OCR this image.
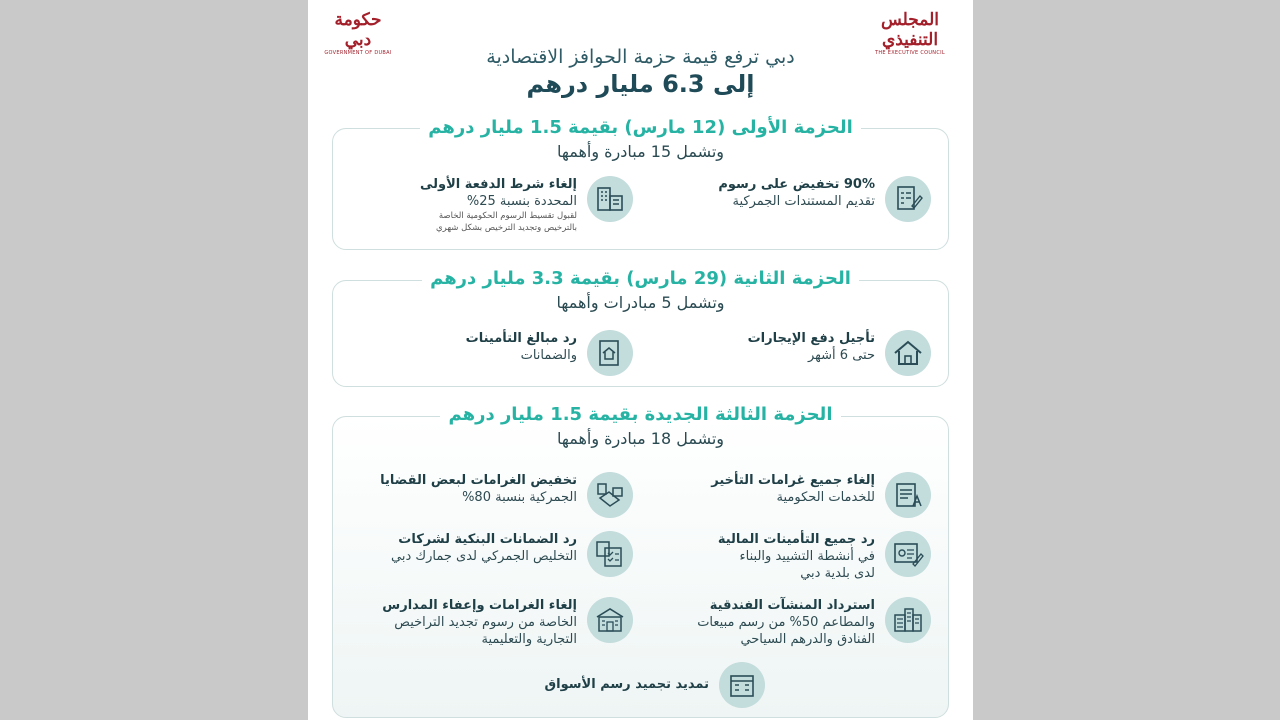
المجلس التنفيذي
THE EXECUTIVE COUNCIL
حكومة دبي
GOVERNMENT OF DUBAI	دبي ترفع قيمة حزمة الحوافز الاقتصادية
إلى 6.3 مليار درهم
الحزمة الأولى (12 مارس) بقيمة 1.5 مليار درهم
وتشمل 15 مبادرة وأهمها
90% تخفيض على رسوم
تقديم المستندات الجمركية
إلغاء شرط الدفعة الأولى
المحددة بنسبة 25%
لقبول تقسيط الرسوم الحكومية الخاصة
بالترخيص وتجديد الترخيص بشكل شهري
الحزمة الثانية (29 مارس) بقيمة 3.3 مليار درهم
وتشمل 5 مبادرات وأهمها
تأجيل دفع الإيجارات
حتى 6 أشهر
رد مبالغ التأمينات
والضمانات
الحزمة الثالثة الجديدة بقيمة 1.5 مليار درهم
وتشمل 18 مبادرة وأهمها
إلغاء جميع غرامات التأخير
للخدمات الحكومية
تخفيض الغرامات لبعض القضايا
الجمركية بنسبة 80%
رد جميع التأمينات المالية
في أنشطة التشييد والبناء
لدى بلدية دبي
رد الضمانات البنكية لشركات
التخليص الجمركي لدى جمارك دبي
استرداد المنشآت الفندقية
والمطاعم 50% من رسم مبيعات
الفنادق والدرهم السياحي
إلغاء الغرامات وإعفاء المدارس
الخاصة من رسوم تجديد التراخيص
التجارية والتعليمية
تمديد تجميد رسم الأسواق
